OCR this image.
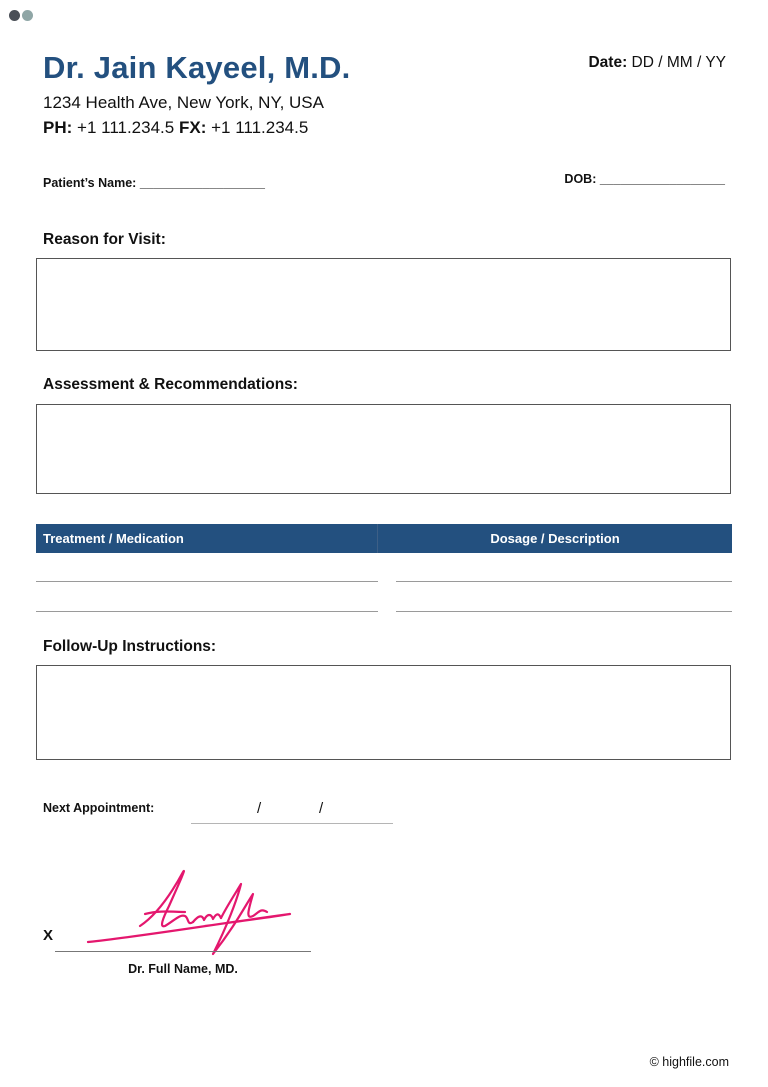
Dr. Jain Kayeel, M.D.
1234 Health Ave, New York, NY, USA
PH: +1 111.234.5 FX: +1 111.234.5
Date: DD / MM / YY
Patient’s Name: __________________	DOB: __________________
Reason for Visit:
Assessment & Recommendations:
Treatment / Medication	Dosage / Description
Follow-Up Instructions:
Next Appointment:	/	/
X
Dr. Full Name, MD.
© highfile.com
